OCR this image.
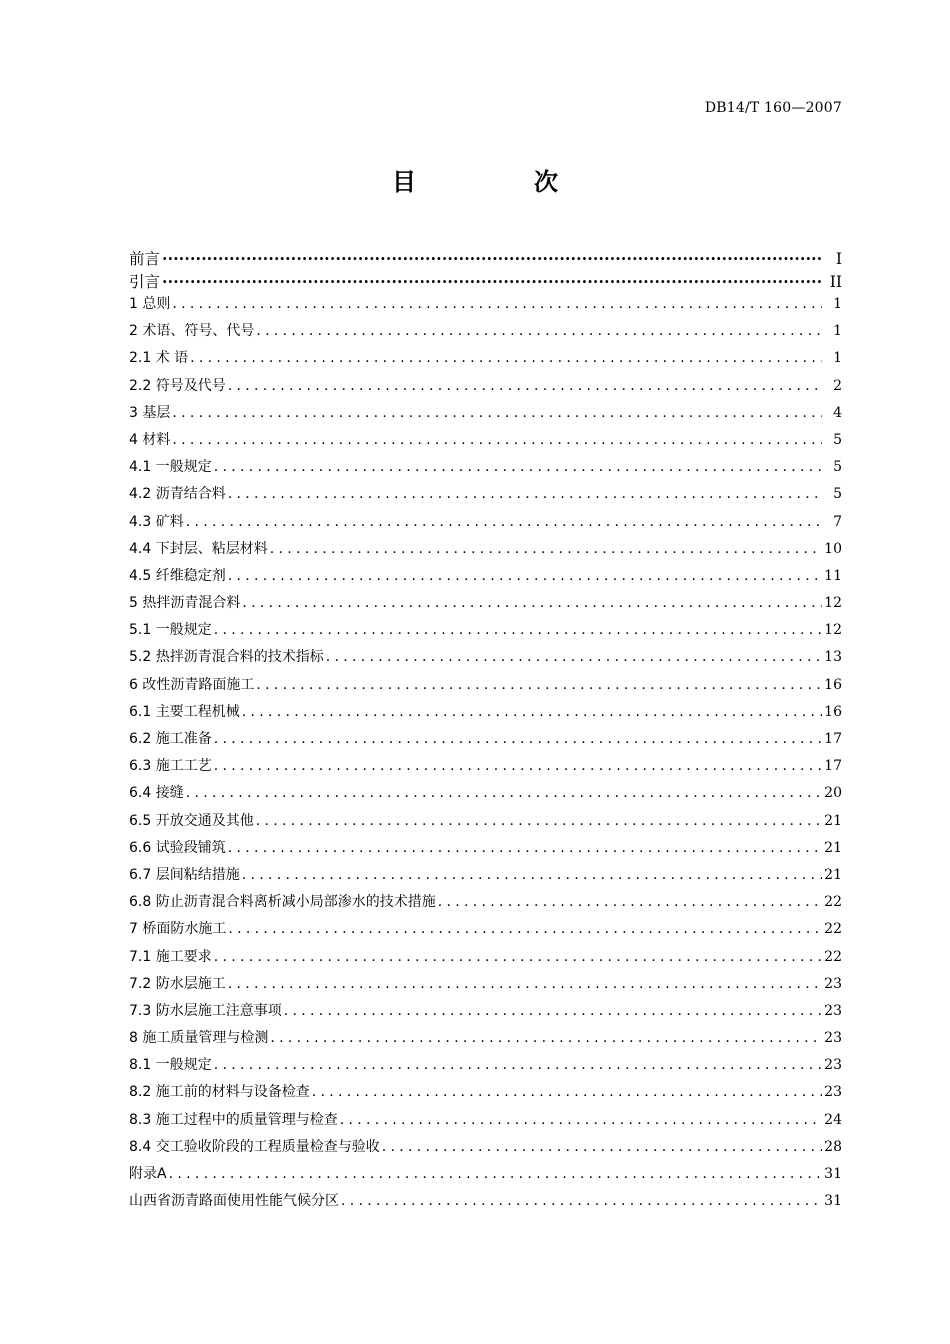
DB14/T 160—2007
目	次
前言 ·····	I
引言 ·····	II
1 总则 .....	1
2 术语、符号、代号 .....	1
2.1 术 语 .....	1
2.2 符号及代号 .....	2
3 基层 .....	4
4 材料 .....	5
4.1 一般规定 .....	5
4.2 沥青结合料 .....	5
4.3 矿料 .....	7
4.4 下封层、粘层材料 .....	10
4.5 纤维稳定剂 .....	11
5 热拌沥青混合料 .....	12
5.1 一般规定 .....	12
5.2 热拌沥青混合料的技术指标 .....	13
6 改性沥青路面施工 .....	16
6.1 主要工程机械 .....	16
6.2 施工准备 .....	17
6.3 施工工艺 .....	17
6.4 接缝 .....	20
6.5 开放交通及其他 .....	21
6.6 试验段铺筑 .....	21
6.7 层间粘结措施 .....	21
6.8 防止沥青混合料离析减小局部渗水的技术措施 .....	22
7 桥面防水施工 .....	22
7.1 施工要求 .....	22
7.2 防水层施工 .....	23
7.3 防水层施工注意事项 .....	23
8 施工质量管理与检测 .....	23
8.1 一般规定 .....	23
8.2 施工前的材料与设备检查 .....	23
8.3 施工过程中的质量管理与检查 .....	24
8.4 交工验收阶段的工程质量检查与验收 .....	28
附录A .....	31
山西省沥青路面使用性能气候分区 .....	31
